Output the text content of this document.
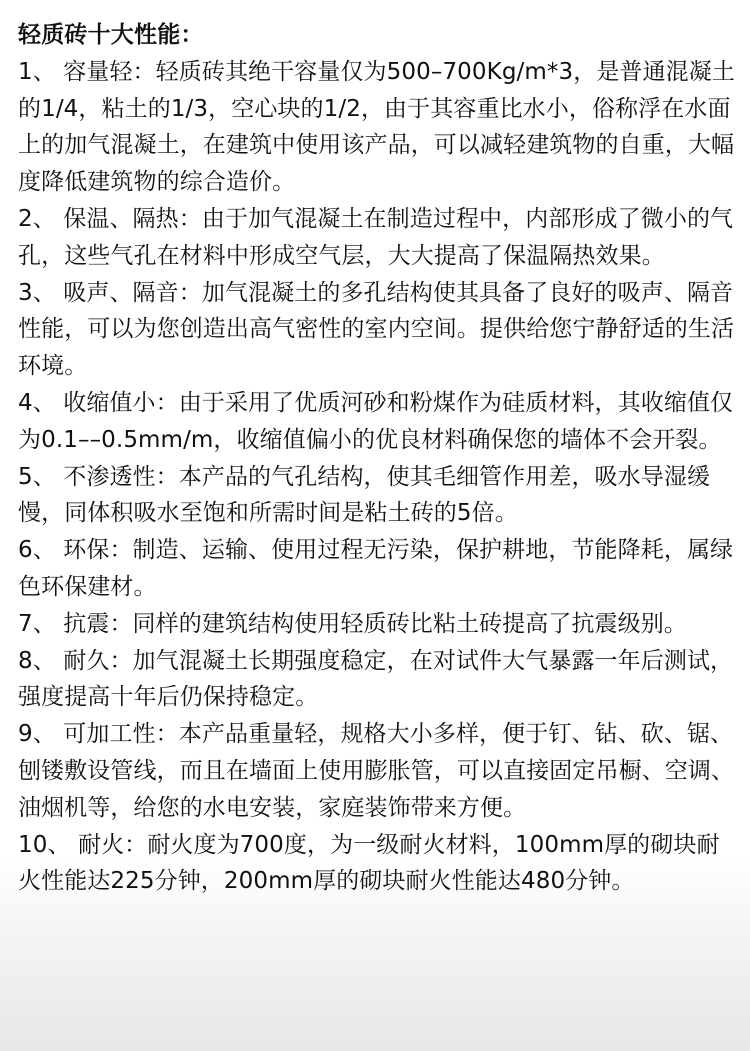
轻质砖十大性能：

1、 容量轻：轻质砖其绝干容量仅为500–700Kg/m*3，是普通混凝土的1/4，粘土的1/3，空心块的1/2，由于其容重比水小，俗称浮在水面上的加气混凝土，在建筑中使用该产品，可以减轻建筑物的自重，大幅度降低建筑物的综合造价。

2、 保温、隔热：由于加气混凝土在制造过程中，内部形成了微小的气孔，这些气孔在材料中形成空气层，大大提高了保温隔热效果。

3、 吸声、隔音：加气混凝土的多孔结构使其具备了良好的吸声、隔音性能，可以为您创造出高气密性的室内空间。提供给您宁静舒适的生活环境。

4、 收缩值小：由于采用了优质河砂和粉煤作为硅质材料，其收缩值仅为0.1––0.5mm/m，收缩值偏小的优良材料确保您的墙体不会开裂。

5、 不渗透性：本产品的气孔结构，使其毛细管作用差，吸水导湿缓慢，同体积吸水至饱和所需时间是粘土砖的5倍。

6、 环保：制造、运输、使用过程无污染，保护耕地，节能降耗，属绿色环保建材。

7、 抗震：同样的建筑结构使用轻质砖比粘土砖提高了抗震级别。

8、 耐久：加气混凝土长期强度稳定，在对试件大气暴露一年后测试，强度提高十年后仍保持稳定。

9、 可加工性：本产品重量轻，规格大小多样，便于钉、钻、砍、锯、刨镂敷设管线，而且在墙面上使用膨胀管，可以直接固定吊橱、空调、油烟机等，给您的水电安装，家庭装饰带来方便。

10、 耐火：耐火度为700度，为一级耐火材料，100mm厚的砌块耐火性能达225分钟，200mm厚的砌块耐火性能达480分钟。
